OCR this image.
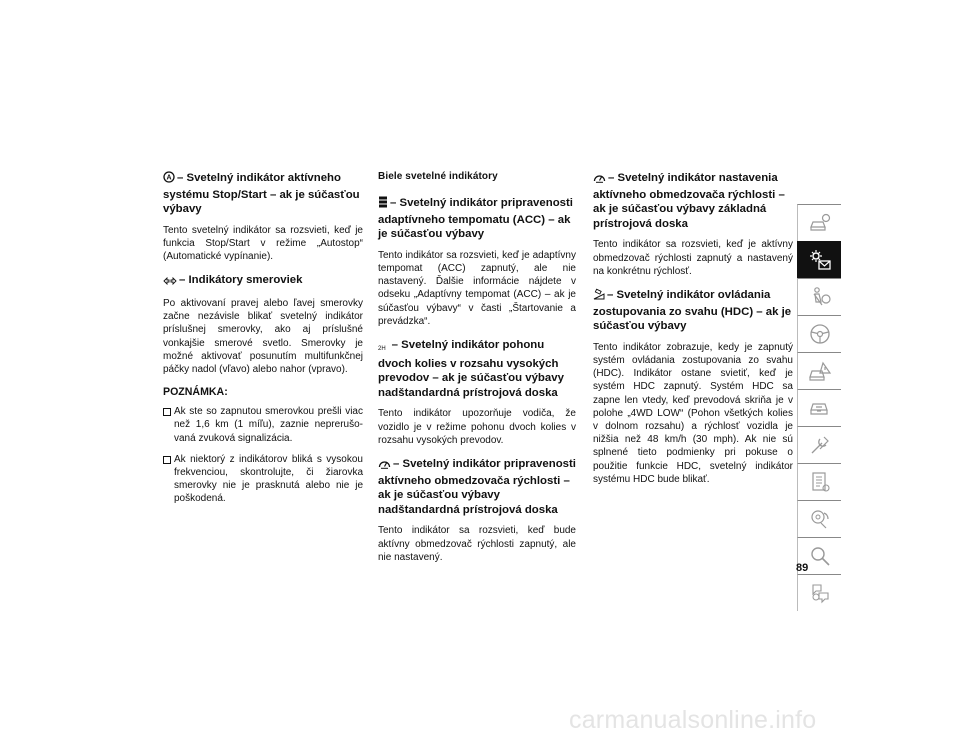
A – Svetelný indikátor aktívneho systému Stop/Start – ak je súčasťou výbavy
Tento svetelný indikátor sa rozsvieti, keď je funkcia Stop/Start v režime „Autostop“ (Automatické vypínanie).
– Indikátory smeroviek
Po aktivovaní pravej alebo ľavej smerovky začne nezávisle blikať svetelný indikátor príslušnej smerovky, ako aj príslušné vonkajšie smerové svetlo. Smerovky je možné aktivovať posunutím multifunkčnej páčky nadol (vľavo) alebo nahor (vpravo).
POZNÁMKA:
Ak ste so zapnutou smerovkou prešli viac než 1,6 km (1 míľu), zaznie neprerušovaná zvuková signalizácia.
Ak niektorý z indikátorov bliká s vysokou frekvenciou, skontrolujte, či žiarovka smerovky nie je prasknutá alebo nie je poškodená.
Biele svetelné indikátory
– Svetelný indikátor pripravenosti adaptívneho tempomatu (ACC) – ak je súčasťou výbavy
Tento indikátor sa rozsvieti, keď je adaptívny tempomat (ACC) zapnutý, ale nie nastavený. Ďalšie informácie nájdete v odseku „Adaptívny tempomat (ACC) – ak je súčasťou výbavy“ v časti „Štartovanie a prevádzka“.
2H – Svetelný indikátor pohonu dvoch kolies v rozsahu vysokých prevodov – ak je súčasťou výbavy nadštandardná prístrojová doska
Tento indikátor upozorňuje vodiča, že vozidlo je v režime pohonu dvoch kolies v rozsahu vysokých prevodov.
– Svetelný indikátor pripravenosti aktívneho obmedzovača rýchlosti – ak je súčasťou výbavy nadštandardná prístrojová doska
Tento indikátor sa rozsvieti, keď bude aktívny obmedzovač rýchlosti zapnutý, ale nie nastavený.
– Svetelný indikátor nastavenia aktívneho obmedzovača rýchlosti – ak je súčasťou výbavy základná prístrojová doska
Tento indikátor sa rozsvieti, keď je aktívny obmedzovač rýchlosti zapnutý a nastavený na konkrétnu rýchlosť.
– Svetelný indikátor ovládania zostupovania zo svahu (HDC) – ak je súčasťou výbavy
Tento indikátor zobrazuje, kedy je zapnutý systém ovládania zostupovania zo svahu (HDC). Indikátor ostane svietiť, keď je systém HDC zapnutý. Systém HDC sa zapne len vtedy, keď prevodová skriňa je v polohe „4WD LOW“ (Pohon všetkých kolies v dolnom rozsahu) a rýchlosť vozidla je nižšia než 48 km/h (30 mph). Ak nie sú splnené tieto podmienky pri pokuse o použitie funkcie HDC, svetelný indikátor systému HDC bude blikať.
89
carmanualsonline.info
